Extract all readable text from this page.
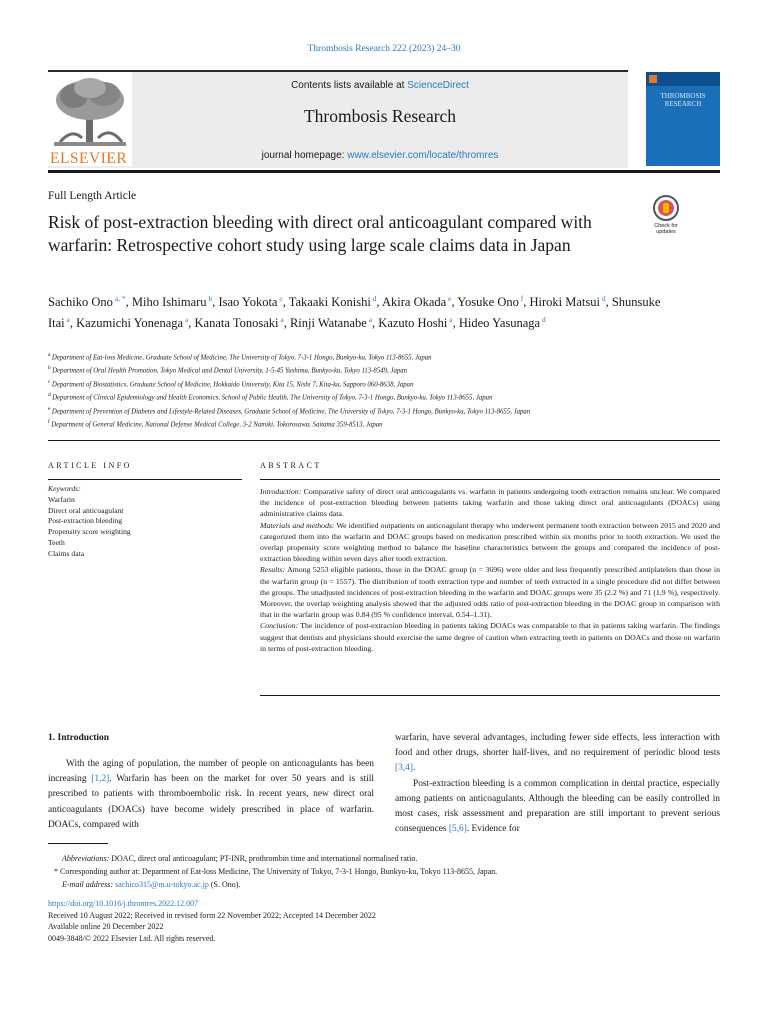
Thrombosis Research 222 (2023) 24–30
ELSEVIER
Contents lists available at ScienceDirect
Thrombosis Research
journal homepage: www.elsevier.com/locate/thromres
THROMBOSIS
RESEARCH
Full Length Article
Risk of post-extraction bleeding with direct oral anticoagulant compared with warfarin: Retrospective cohort study using large scale claims data in Japan
Check for
updates
Sachiko Ono $^{a, *}$, Miho Ishimaru $^b$, Isao Yokota $^c$, Takaaki Konishi $^d$, Akira Okada $^e$, Yosuke Ono $^f$, Hiroki Matsui $^d$, Shunsuke Itai $^a$, Kazumichi Yonenaga $^a$, Kanata Tonosaki $^a$, Rinji Watanabe $^a$, Kazuto Hoshi $^a$, Hideo Yasunaga $^d$
$^a$ Department of Eat-loss Medicine, Graduate School of Medicine, The University of Tokyo, 7-3-1 Hongo, Bunkyo-ku, Tokyo 113-8655, Japan
$^b$ Department of Oral Health Promotion, Tokyo Medical and Dental University, 1-5-45 Yushima, Bunkyo-ku, Tokyo 113-8549, Japan
$^c$ Department of Biostatistics, Graduate School of Medicine, Hokkaido University, Kita 15, Nishi 7, Kita-ku, Sapporo 060-8638, Japan
$^d$ Department of Clinical Epidemiology and Health Economics, School of Public Health, The University of Tokyo, 7-3-1 Hongo, Bunkyo-ku, Tokyo 113-8655, Japan
$^e$ Department of Prevention of Diabetes and Lifestyle-Related Diseases, Graduate School of Medicine, The University of Tokyo, 7-3-1 Hongo, Bunkyo-ku, Tokyo 113-8655, Japan
$^f$ Department of General Medicine, National Defense Medical College, 3-2 Namiki, Tokorosawa, Saitama 359-8513, Japan
ARTICLE INFO	ABSTRACT
Keywords:
Warfarin
Direct oral anticoagulant
Post-extraction bleeding
Propensity score weighting
Teeth
Claims data
Introduction: Comparative safety of direct oral anticoagulants vs. warfarin in patients undergoing tooth extraction remains unclear. We compared the incidence of post-extraction bleeding between patients taking warfarin and those taking direct oral anticoagulants (DOACs) using administrative claims data.
Materials and methods: We identified outpatients on anticoagulant therapy who underwent permanent tooth extraction between 2015 and 2020 and categorized them into the warfarin and DOAC groups based on medication prescribed within six months prior to tooth extraction. We used the overlap propensity score weighting method to balance the baseline characteristics between the groups and compared the incidence of post-extraction bleeding within seven days after tooth extraction.
Results: Among 5253 eligible patients, those in the DOAC group (n = 3696) were older and less frequently prescribed antiplatelets than those in the warfarin group (n = 1557). The distribution of tooth extraction type and number of teeth extracted in a single procedure did not differ between the groups. The unadjusted incidences of post-extraction bleeding in the warfarin and DOAC groups were 35 (2.2 %) and 71 (1.9 %), respectively. Moreover, the overlap weighting analysis showed that the adjusted odds ratio of post-extraction bleeding in the DOAC group in comparison with that in the warfarin group was 0.84 (95 % confidence interval, 0.54–1.31).
Conclusion: The incidence of post-extraction bleeding in patients taking DOACs was comparable to that in patients taking warfarin. The findings suggest that dentists and physicians should exercise the same degree of caution when extracting teeth in patients on DOACs and those on warfarin in terms of post-extraction bleeding.
1. Introduction
With the aging of population, the number of people on anticoagulants has been increasing [1,2]. Warfarin has been on the market for over 50 years and is still prescribed to patients with thromboembolic risk. In recent years, new direct oral anticoagulants (DOACs) have become widely prescribed in place of warfarin. DOACs, compared with

warfarin, have several advantages, including fewer side effects, less interaction with food and other drugs, shorter half-lives, and no requirement of periodic blood tests [3,4].

Post-extraction bleeding is a common complication in dental practice, especially among patients on anticoagulants. Although the bleeding can be easily controlled in most cases, risk assessment and preparation are still important to prevent serious consequences [5,6]. Evidence for

Abbreviations: DOAC, direct oral anticoagulant; PT-INR, prothrombin time and international normalised ratio.
* Corresponding author at: Department of Eat-loss Medicine, The University of Tokyo, 7-3-1 Hongo, Bunkyo-ku, Tokyo 113-8655, Japan.
E-mail address: sachico315@m.u-tokyo.ac.jp (S. Ono).
https://doi.org/10.1016/j.thromres.2022.12.007
Received 10 August 2022; Received in revised form 22 November 2022; Accepted 14 December 2022
Available online 20 December 2022
0049-3848/© 2022 Elsevier Ltd. All rights reserved.
